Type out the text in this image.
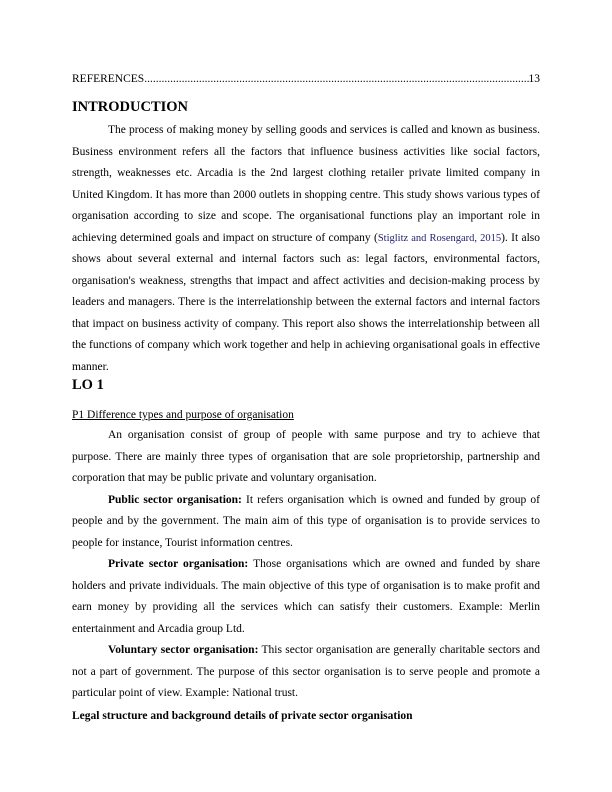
REFERENCES
.....	13
INTRODUCTION

The process of making money by selling goods and services is called and known as business. Business environment refers all the factors that influence business activities like social factors, strength, weaknesses etc. Arcadia is the 2nd largest clothing retailer private limited company in United Kingdom. It has more than 2000 outlets in shopping centre. This study shows various types of organisation according to size and scope. The organisational functions play an important role in achieving determined goals and impact on structure of company (Stiglitz and Rosengard, 2015). It also shows about several external and internal factors such as: legal factors, environmental factors, organisation's weakness, strengths that impact and affect activities and decision-making process by leaders and managers. There is the interrelationship between the external factors and internal factors that impact on business activity of company. This report also shows the interrelationship between all the functions of company which work together and help in achieving organisational goals in effective manner.

LO 1

P1 Difference types and purpose of organisation

An organisation consist of group of people with same purpose and try to achieve that purpose. There are mainly three types of organisation that are sole proprietorship, partnership and corporation that may be public private and voluntary organisation.

Public sector organisation: It refers organisation which is owned and funded by group of people and by the government. The main aim of this type of organisation is to provide services to people for instance, Tourist information centres.

Private sector organisation: Those organisations which are owned and funded by share holders and private individuals. The main objective of this type of organisation is to make profit and earn money by providing all the services which can satisfy their customers. Example: Merlin entertainment and Arcadia group Ltd.

Voluntary sector organisation: This sector organisation are generally charitable sectors and not a part of government. The purpose of this sector organisation is to serve people and promote a particular point of view. Example: National trust.

Legal structure and background details of private sector organisation
